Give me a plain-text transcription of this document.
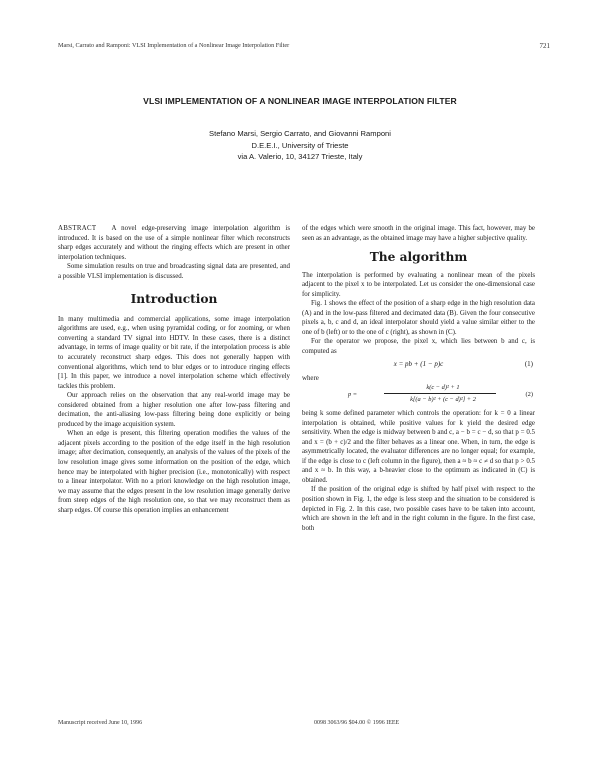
Marsi, Carrato and Ramponi: VLSI Implementation of a Nonlinear Image Interpolation Filter	721
VLSI IMPLEMENTATION OF A NONLINEAR IMAGE INTERPOLATION FILTER
Stefano Marsi, Sergio Carrato, and Giovanni Ramponi
D.E.E.I., University of Trieste
via A. Valerio, 10, 34127 Trieste, Italy

ABSTRACT A novel edge-preserving image interpolation algorithm is introduced. It is based on the use of a simple nonlinear filter which reconstructs sharp edges accurately and without the ringing effects which are present in other interpolation techniques.

Some simulation results on true and broadcasting signal data are presented, and a possible VLSI implementation is discussed.

Introduction

In many multimedia and commercial applications, some image interpolation algorithms are used, e.g., when using pyramidal coding, or for zooming, or when converting a standard TV signal into HDTV. In these cases, there is a distinct advantage, in terms of image quality or bit rate, if the interpolation process is able to accurately reconstruct sharp edges. This does not generally happen with conventional algorithms, which tend to blur edges or to introduce ringing effects [1]. In this paper, we introduce a novel interpolation scheme which effectively tackles this problem.

Our approach relies on the observation that any real-world image may be considered obtained from a higher resolution one after low-pass filtering and decimation, the anti-aliasing low-pass filtering being done explicitly or being produced by the image acquisition system.

When an edge is present, this filtering operation modifies the values of the adjacent pixels according to the position of the edge itself in the high resolution image; after decimation, consequently, an analysis of the values of the pixels of the low resolution image gives some information on the position of the edge, which hence may be interpolated with higher precision (i.e., monotonically) with respect to a linear interpolator. With no a priori knowledge on the high resolution image, we may assume that the edges present in the low resolution image generally derive from steep edges of the high resolution one, so that we may reconstruct them as sharp edges. Of course this operation implies an enhancement

of the edges which were smooth in the original image. This fact, however, may be seen as an advantage, as the obtained image may have a higher subjective quality.

The algorithm

The interpolation is performed by evaluating a nonlinear mean of the pixels adjacent to the pixel x to be interpolated. Let us consider the one-dimensional case for simplicity.

Fig. 1 shows the effect of the position of a sharp edge in the high resolution data (A) and in the low-pass filtered and decimated data (B). Given the four consecutive pixels a, b, c and d, an ideal interpolator should yield a value similar either to the one of b (left) or to the one of c (right), as shown in (C).

For the operator we propose, the pixel x, which lies between b and c, is computed as

x = pb + (1 − p)c	(1)

where

p =
k(c − d)² + 1
k[(a − b)² + (c − d)²] + 2
(2)

being k some defined parameter which controls the operation: for k = 0 a linear interpolation is obtained, while positive values for k yield the desired edge sensitivity. When the edge is midway between b and c, a − b = c − d, so that p = 0.5 and x = (b + c)/2 and the filter behaves as a linear one. When, in turn, the edge is asymmetrically located, the evaluator differences are no longer equal; for example, if the edge is close to c (left column in the figure), then a ≈ b ≈ c ≠ d so that p > 0.5 and x ≈ b. In this way, a b-heavier close to the optimum as indicated in (C) is obtained.

If the position of the original edge is shifted by half pixel with respect to the position shown in Fig. 1, the edge is less steep and the situation to be considered is depicted in Fig. 2. In this case, two possible cases have to be taken into account, which are shown in the left and in the right column in the figure. In the first case, both

Manuscript received June 10, 1996	0098 3063/96 $04.00 © 1996 IEEE
